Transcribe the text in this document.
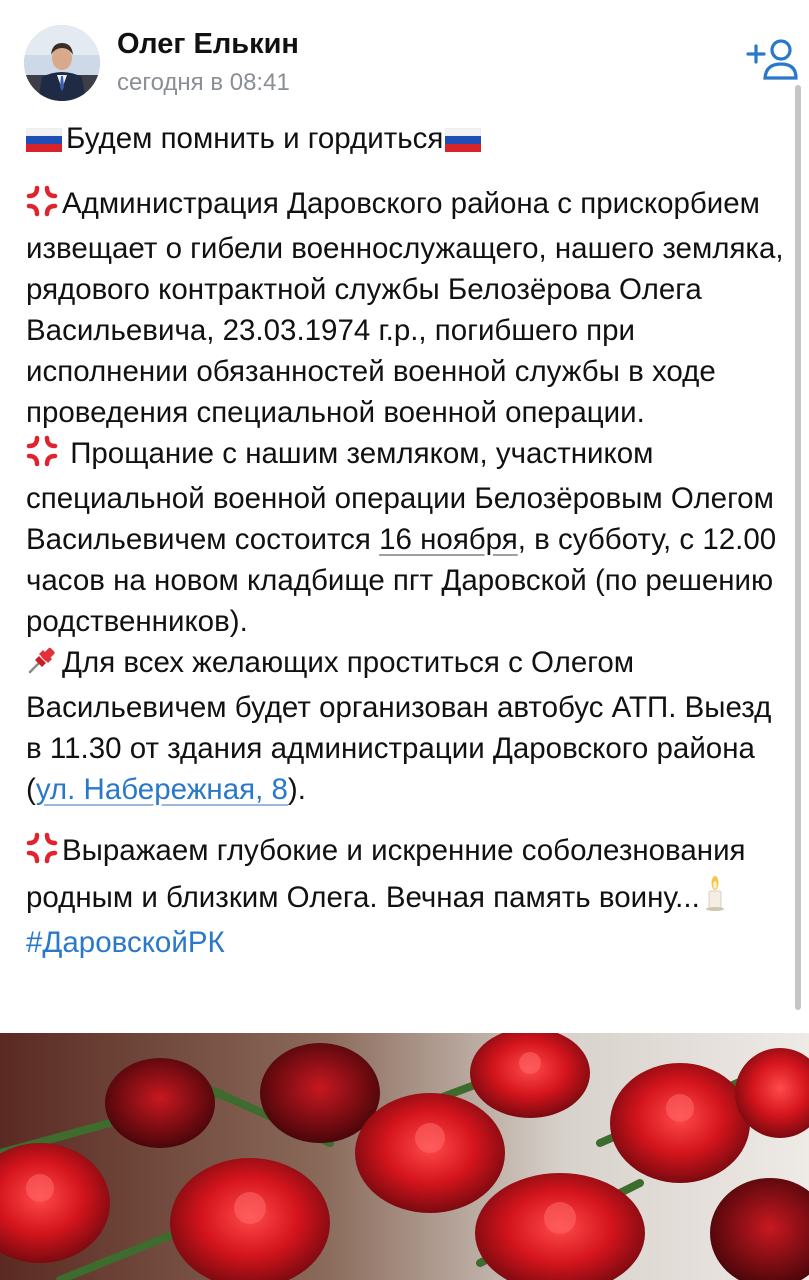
Олег Елькин
сегодня в 08:41

Будем помнить и гордиться

Администрация Даровского района с прискорбием извещает о гибели военнослужащего, нашего земляка, рядового контрактной службы Белозёрова Олега Васильевича, 23.03.1974 г.р., погибшего при исполнении обязанностей военной службы в ходе проведения специальной военной операции.

Прощание с нашим земляком, участником специальной военной операции Белозёровым Олегом Васильевичем состоится 16 ноября, в субботу, с 12.00 часов на новом кладбище пгт Даровской (по решению родственников).

Для всех желающих проститься с Олегом Васильевичем будет организован автобус АТП. Выезд в 11.30 от здания администрации Даровского района (ул. Набережная, 8).

Выражаем глубокие и искренние соболезнования родным и близким Олега. Вечная память воину...

#ДаровскойРК
